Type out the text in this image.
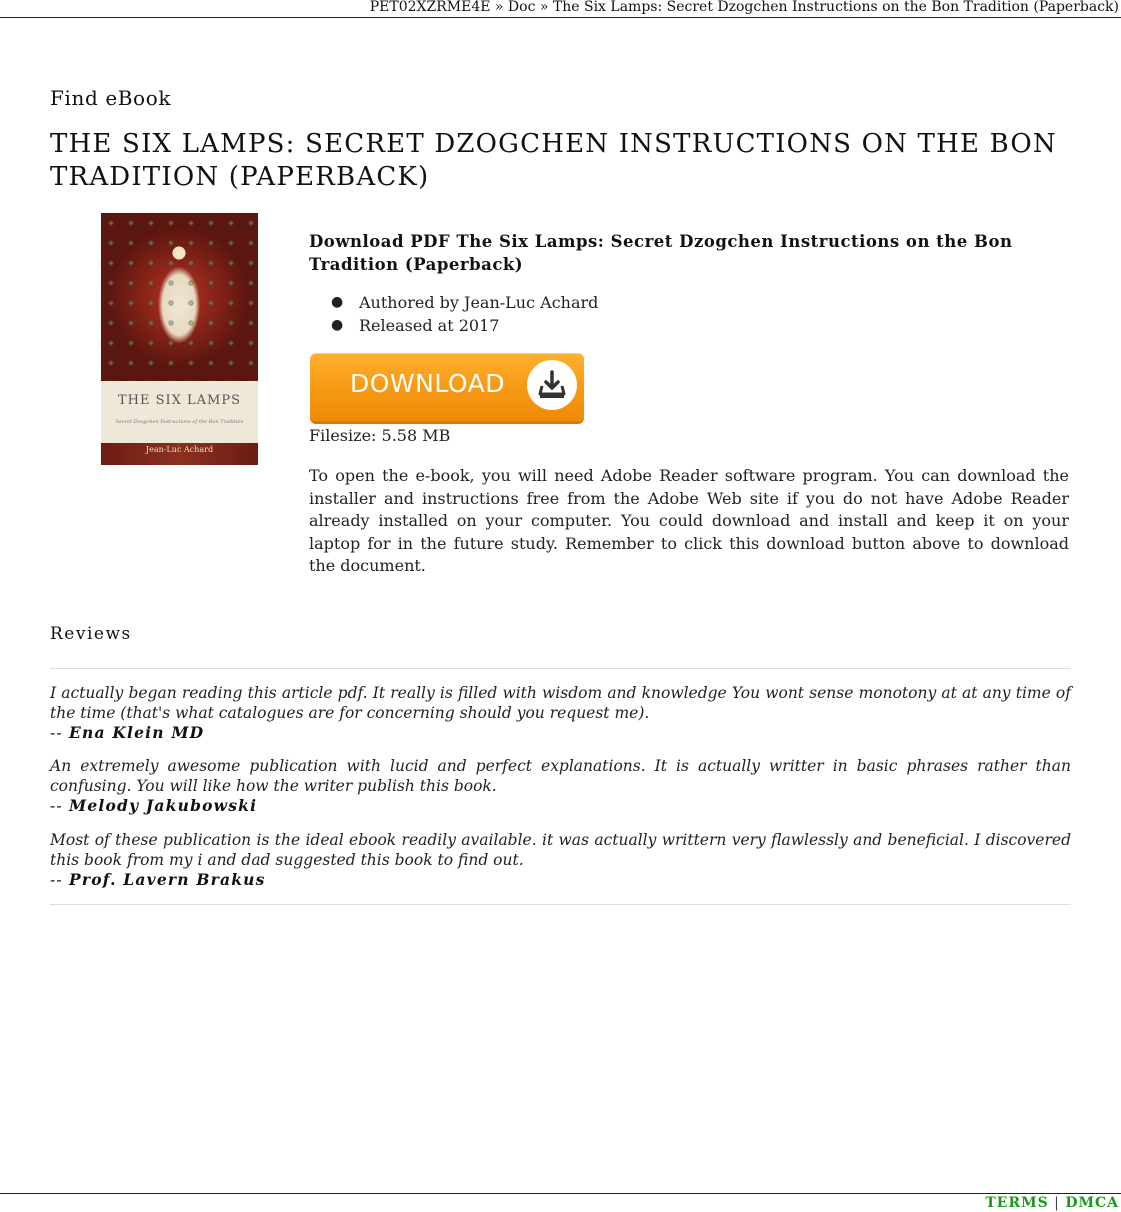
PET02XZRME4E » Doc » The Six Lamps: Secret Dzogchen Instructions on the Bon Tradition (Paperback)
Find eBook
THE SIX LAMPS: SECRET DZOGCHEN INSTRUCTIONS ON THE BON TRADITION (PAPERBACK)
THE SIX LAMPS
Secret Dzogchen Instructions of the Bon Tradition
Jean-Luc Achard
Download PDF The Six Lamps: Secret Dzogchen Instructions on the Bon Tradition (Paperback)
● Authored by Jean-Luc Achard
● Released at 2017
DOWNLOAD
Filesize: 5.58 MB

To open the e-book, you will need Adobe Reader software program. You can download the installer and instructions free from the Adobe Web site if you do not have Adobe Reader already installed on your computer. You could download and install and keep it on your laptop for in the future study. Remember to click this download button above to download the document.

Reviews
I actually began reading this article pdf. It really is filled with wisdom and knowledge You wont sense monotony at at any time of the time (that's what catalogues are for concerning should you request me).
-- Ena Klein MD
An extremely awesome publication with lucid and perfect explanations. It is actually writter in basic phrases rather than confusing. You will like how the writer publish this book.
-- Melody Jakubowski
Most of these publication is the ideal ebook readily available. it was actually writtern very flawlessly and beneficial. I discovered this book from my i and dad suggested this book to find out.
-- Prof. Lavern Brakus
TERMS | DMCA
